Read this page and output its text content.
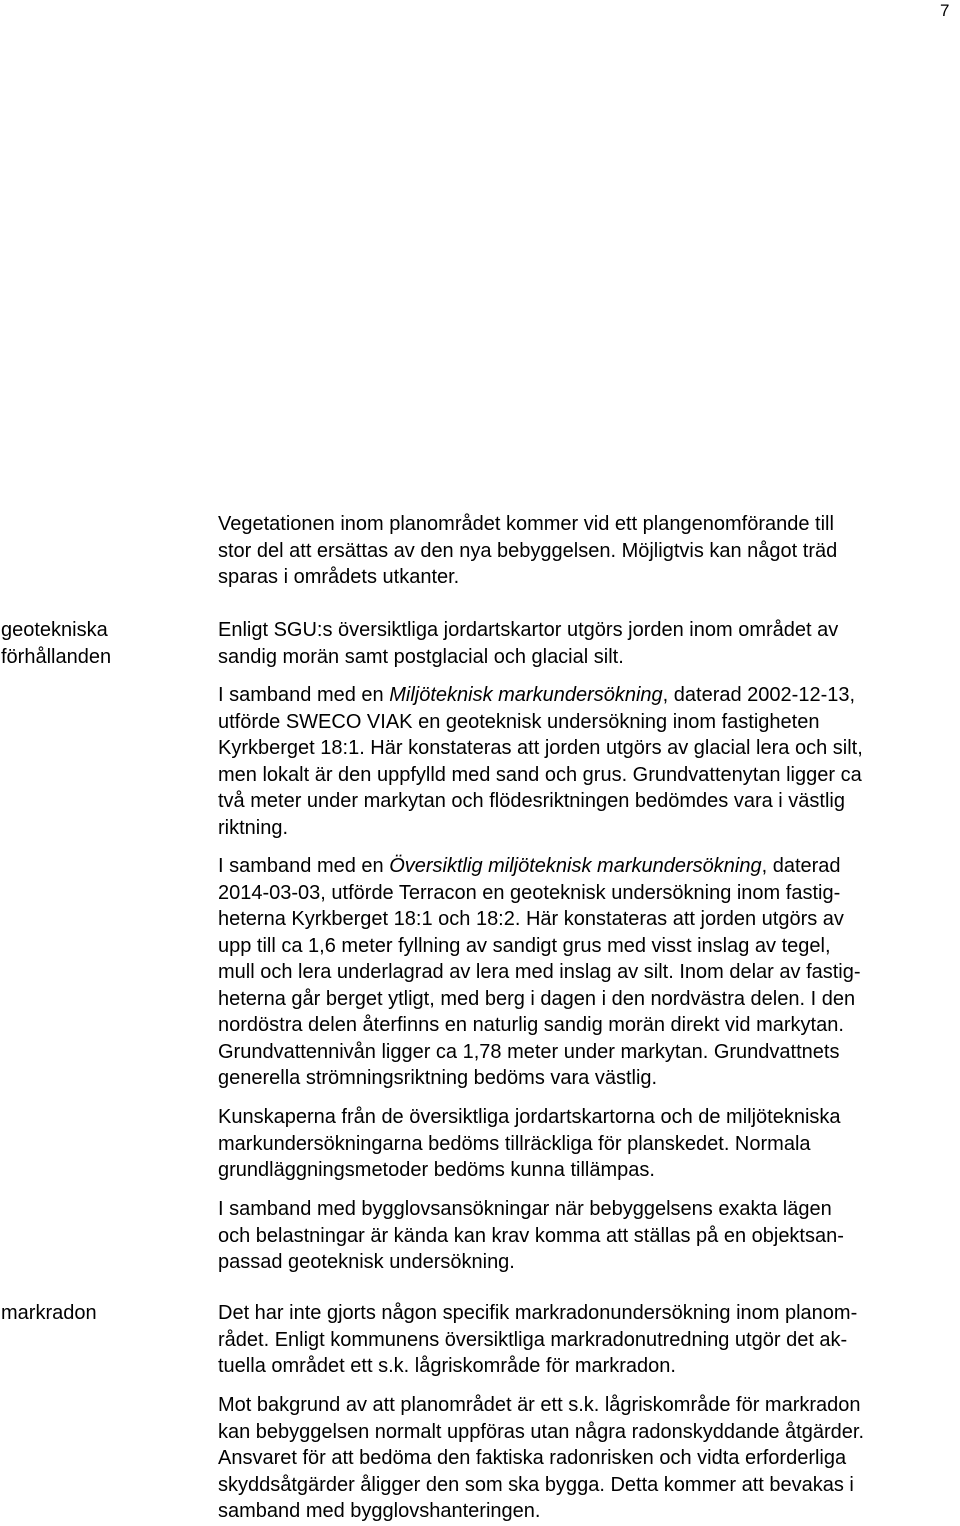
7
geotekniska
förhållanden
markradon
Vegetationen inom planområdet kommer vid ett plangenomförande till
stor del att ersättas av den nya bebyggelsen. Möjligtvis kan något träd
sparas i områdets utkanter.
Enligt SGU:s översiktliga jordartskartor utgörs jorden inom området av
sandig morän samt postglacial och glacial silt.
I samband med en Miljöteknisk markundersökning, daterad 2002-12-13,
utförde SWECO VIAK en geoteknisk undersökning inom fastigheten
Kyrkberget 18:1. Här konstateras att jorden utgörs av glacial lera och silt,
men lokalt är den uppfylld med sand och grus. Grundvattenytan ligger ca
två meter under markytan och flödesriktningen bedömdes vara i västlig
riktning.
I samband med en Översiktlig miljöteknisk markundersökning, daterad
2014-03-03, utförde Terracon en geoteknisk undersökning inom fastig-
heterna Kyrkberget 18:1 och 18:2. Här konstateras att jorden utgörs av
upp till ca 1,6 meter fyllning av sandigt grus med visst inslag av tegel,
mull och lera underlagrad av lera med inslag av silt. Inom delar av fastig-
heterna går berget ytligt, med berg i dagen i den nordvästra delen. I den
nordöstra delen återfinns en naturlig sandig morän direkt vid markytan.
Grundvattennivån ligger ca 1,78 meter under markytan. Grundvattnets
generella strömningsriktning bedöms vara västlig.
Kunskaperna från de översiktliga jordartskartorna och de miljötekniska
markundersökningarna bedöms tillräckliga för planskedet. Normala
grundläggningsmetoder bedöms kunna tillämpas.
I samband med bygglovsansökningar när bebyggelsens exakta lägen
och belastningar är kända kan krav komma att ställas på en objektsan-
passad geoteknisk undersökning.
Det har inte gjorts någon specifik markradonundersökning inom planom-
rådet. Enligt kommunens översiktliga markradonutredning utgör det ak-
tuella området ett s.k. lågriskområde för markradon.
Mot bakgrund av att planområdet är ett s.k. lågriskområde för markradon
kan bebyggelsen normalt uppföras utan några radonskyddande åtgärder.
Ansvaret för att bedöma den faktiska radonrisken och vidta erforderliga
skyddsåtgärder åligger den som ska bygga. Detta kommer att bevakas i
samband med bygglovshanteringen.
